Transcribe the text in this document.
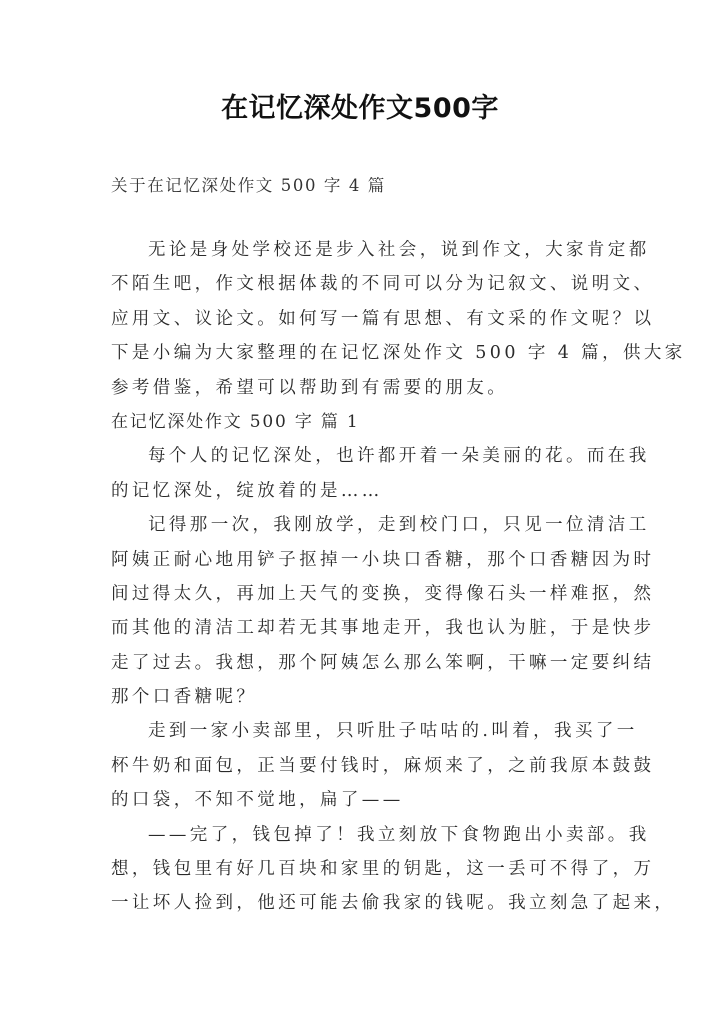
在记忆深处作文500字

关于在记忆深处作文 500 字 4 篇

无论是身处学校还是步入社会，说到作文，大家肯定都
不陌生吧，作文根据体裁的不同可以分为记叙文、说明文、
应用文、议论文。如何写一篇有思想、有文采的作文呢？以
下是小编为大家整理的在记忆深处作文 500 字 4 篇，供大家
参考借鉴，希望可以帮助到有需要的朋友。
在记忆深处作文 500 字 篇 1
每个人的记忆深处，也许都开着一朵美丽的花。而在我
的记忆深处，绽放着的是……
记得那一次，我刚放学，走到校门口，只见一位清洁工
阿姨正耐心地用铲子抠掉一小块口香糖，那个口香糖因为时
间过得太久，再加上天气的变换，变得像石头一样难抠，然
而其他的清洁工却若无其事地走开，我也认为脏，于是快步
走了过去。我想，那个阿姨怎么那么笨啊，干嘛一定要纠结
那个口香糖呢？
走到一家小卖部里，只听肚子咕咕的.叫着，我买了一
杯牛奶和面包，正当要付钱时，麻烦来了，之前我原本鼓鼓
的口袋，不知不觉地，扁了——
——完了，钱包掉了！我立刻放下食物跑出小卖部。我
想，钱包里有好几百块和家里的钥匙，这一丢可不得了，万
一让坏人捡到，他还可能去偷我家的钱呢。我立刻急了起来，
